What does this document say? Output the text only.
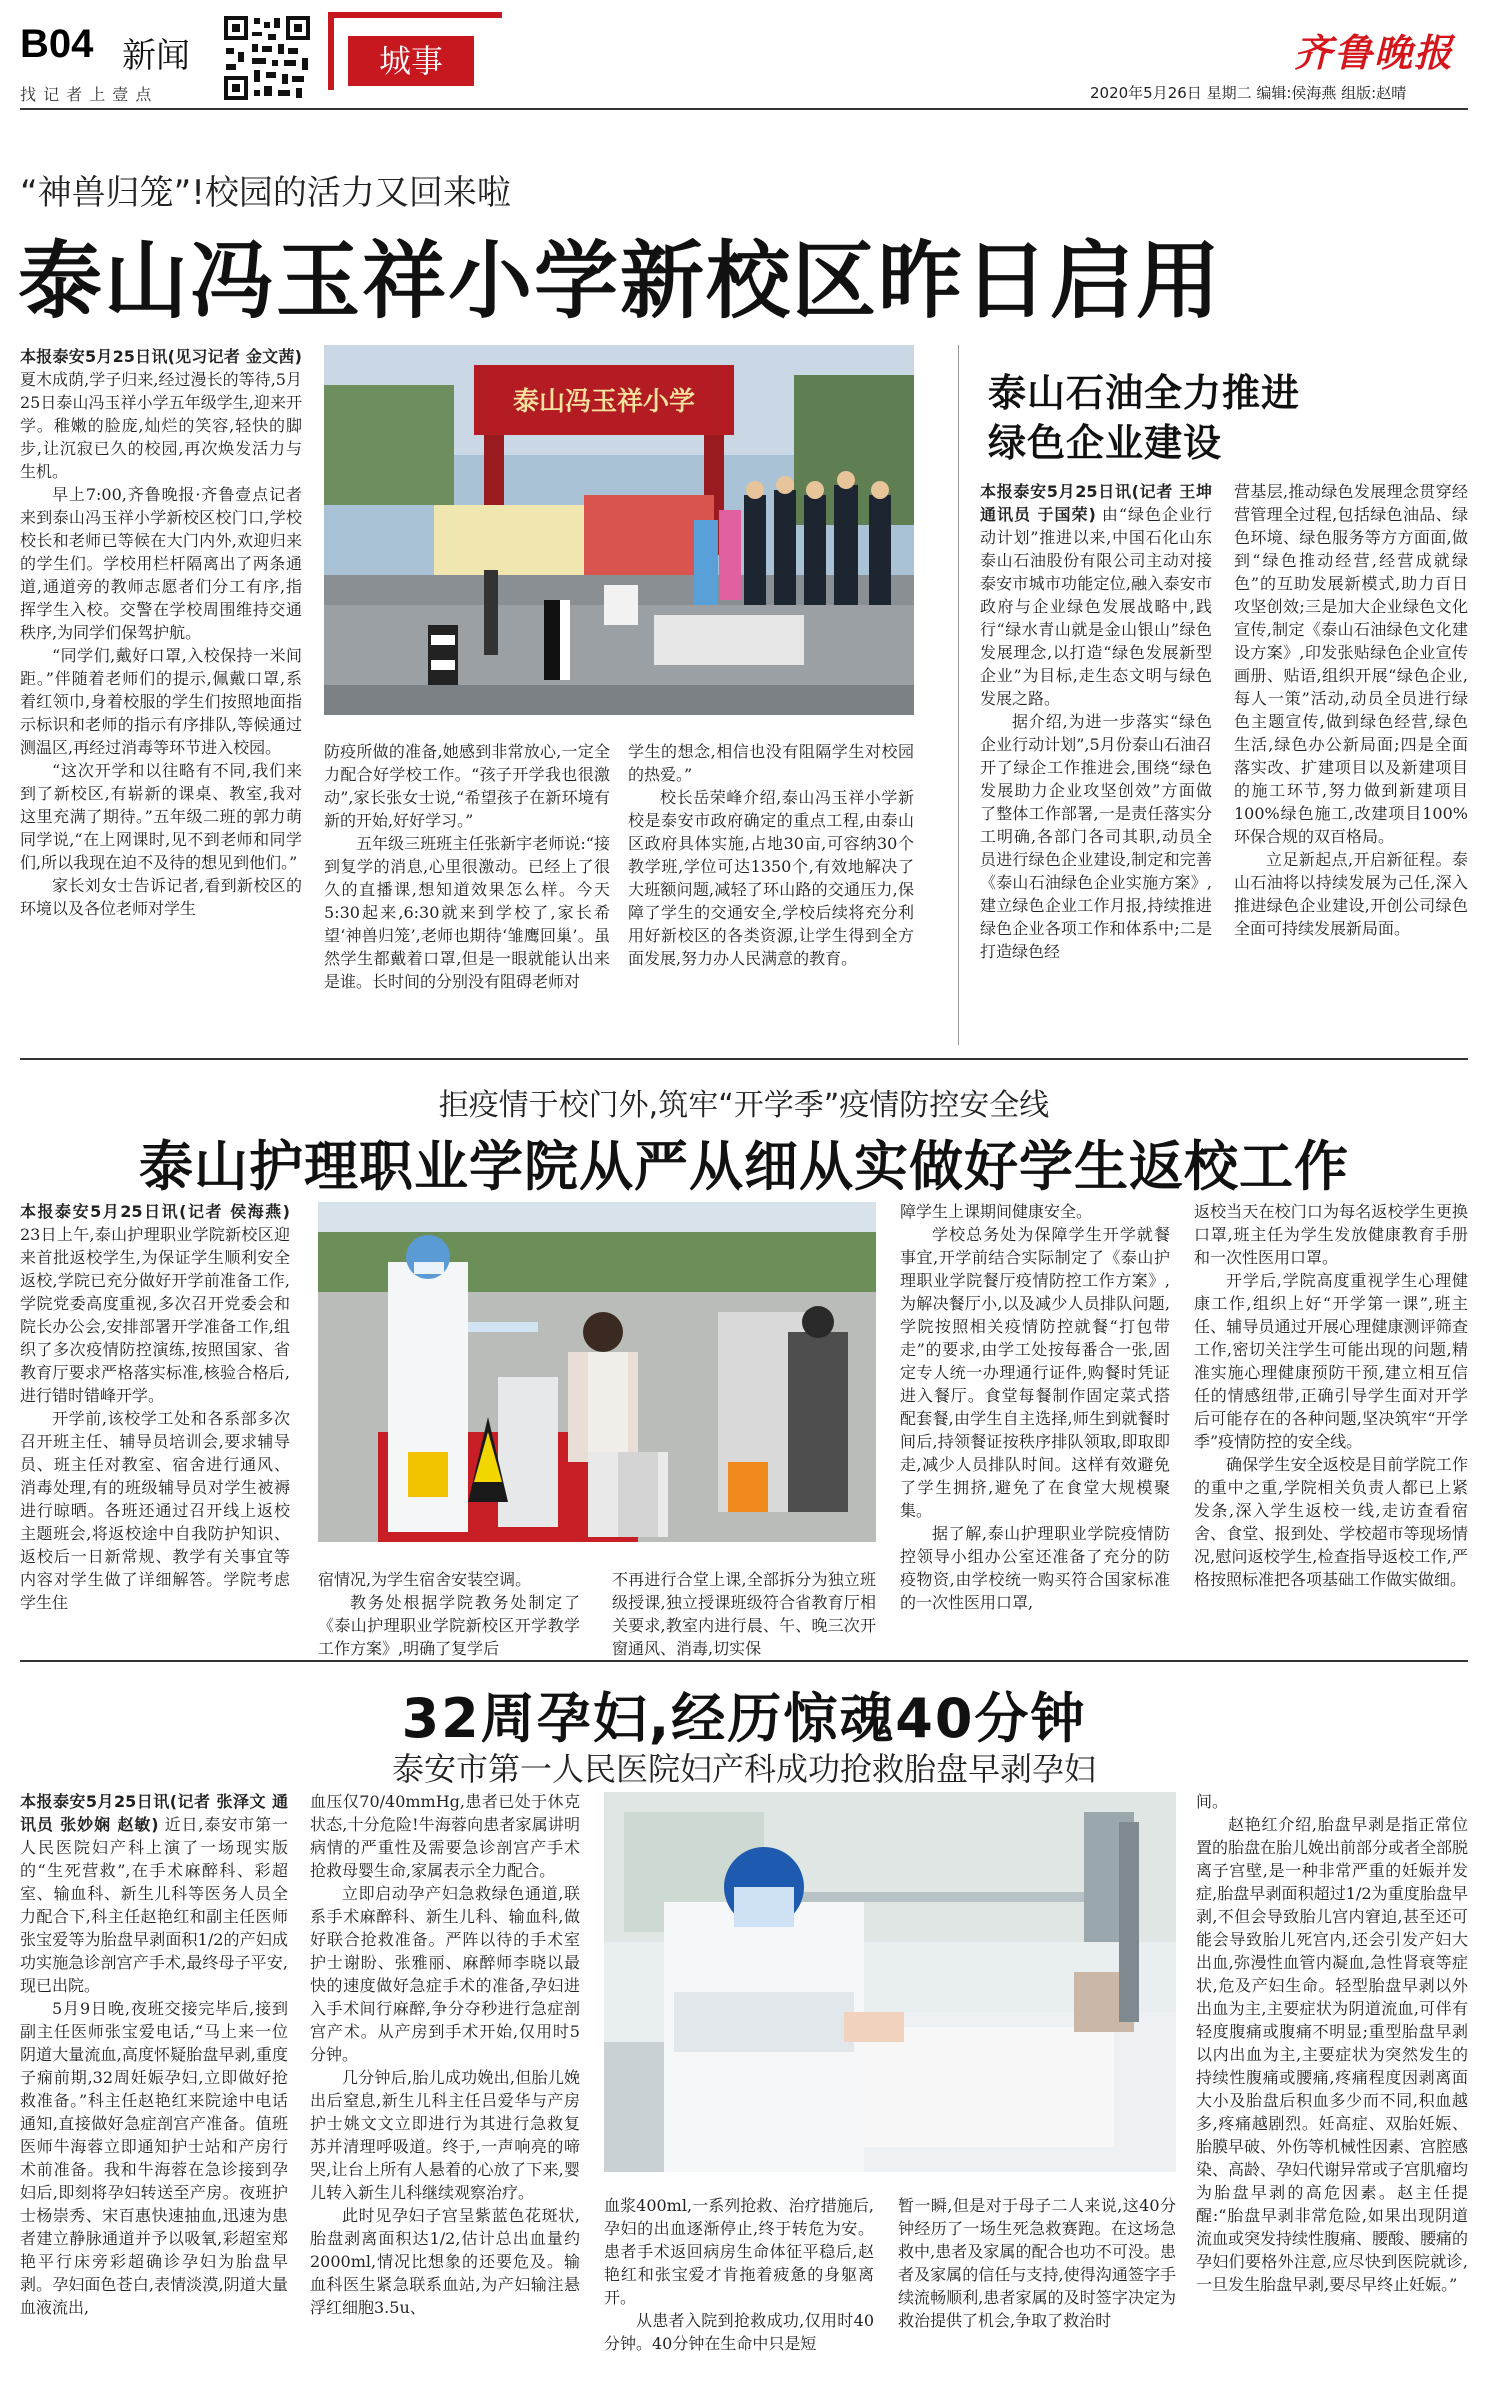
B04 新闻
找 记 者 上 壹 点
城事	齐鲁晚报
2020年5月26日 星期二 编辑:侯海燕 组版:赵晴
“神兽归笼”!校园的活力又回来啦
泰山冯玉祥小学新校区昨日启用

本报泰安5月25日讯(见习记者 金文茜) 夏木成荫,学子归来,经过漫长的等待,5月25日泰山冯玉祥小学五年级学生,迎来开学。稚嫩的脸庞,灿烂的笑容,轻快的脚步,让沉寂已久的校园,再次焕发活力与生机。

早上7:00,齐鲁晚报·齐鲁壹点记者来到泰山冯玉祥小学新校区校门口,学校校长和老师已等候在大门内外,欢迎归来的学生们。学校用栏杆隔离出了两条通道,通道旁的教师志愿者们分工有序,指挥学生入校。交警在学校周围维持交通秩序,为同学们保驾护航。

“同学们,戴好口罩,入校保持一米间距。”伴随着老师们的提示,佩戴口罩,系着红领巾,身着校服的学生们按照地面指示标识和老师的指示有序排队,等候通过测温区,再经过消毒等环节进入校园。

“这次开学和以往略有不同,我们来到了新校区,有崭新的课桌、教室,我对这里充满了期待。”五年级二班的郭力萌同学说,“在上网课时,见不到老师和同学们,所以我现在迫不及待的想见到他们。”

家长刘女士告诉记者,看到新校区的环境以及各位老师对学生

泰山冯玉祥小学

防疫所做的准备,她感到非常放心,一定全力配合好学校工作。“孩子开学我也很激动”,家长张女士说,“希望孩子在新环境有新的开始,好好学习。”

五年级三班班主任张新宇老师说:“接到复学的消息,心里很激动。已经上了很久的直播课,想知道效果怎么样。今天5:30起来,6:30就来到学校了,家长希望‘神兽归笼’,老师也期待‘雏鹰回巢’。虽然学生都戴着口罩,但是一眼就能认出来是谁。长时间的分别没有阻碍老师对

学生的想念,相信也没有阻隔学生对校园的热爱。”

校长岳荣峰介绍,泰山冯玉祥小学新校是泰安市政府确定的重点工程,由泰山区政府具体实施,占地30亩,可容纳30个教学班,学位可达1350个,有效地解决了大班额问题,减轻了环山路的交通压力,保障了学生的交通安全,学校后续将充分利用好新校区的各类资源,让学生得到全方面发展,努力办人民满意的教育。

泰山石油全力推进绿色企业建设

本报泰安5月25日讯(记者 王坤 通讯员 于国荣) 由“绿色企业行动计划”推进以来,中国石化山东泰山石油股份有限公司主动对接泰安市城市功能定位,融入泰安市政府与企业绿色发展战略中,践行“绿水青山就是金山银山”绿色发展理念,以打造“绿色发展新型企业”为目标,走生态文明与绿色发展之路。

据介绍,为进一步落实“绿色企业行动计划”,5月份泰山石油召开了绿企工作推进会,围绕“绿色发展助力企业攻坚创效”方面做了整体工作部署,一是责任落实分工明确,各部门各司其职,动员全员进行绿色企业建设,制定和完善《泰山石油绿色企业实施方案》,建立绿色企业工作月报,持续推进绿色企业各项工作和体系中;二是打造绿色经

营基层,推动绿色发展理念贯穿经营管理全过程,包括绿色油品、绿色环境、绿色服务等方方面面,做到“绿色推动经营,经营成就绿色”的互助发展新模式,助力百日攻坚创效;三是加大企业绿色文化宣传,制定《泰山石油绿色文化建设方案》,印发张贴绿色企业宣传画册、贴语,组织开展“绿色企业,每人一策”活动,动员全员进行绿色主题宣传,做到绿色经营,绿色生活,绿色办公新局面;四是全面落实改、扩建项目以及新建项目的施工环节,努力做到新建项目100%绿色施工,改建项目100%环保合规的双百格局。

立足新起点,开启新征程。泰山石油将以持续发展为己任,深入推进绿色企业建设,开创公司绿色全面可持续发展新局面。

拒疫情于校门外,筑牢“开学季”疫情防控安全线
泰山护理职业学院从严从细从实做好学生返校工作

本报泰安5月25日讯(记者 侯海燕) 23日上午,泰山护理职业学院新校区迎来首批返校学生,为保证学生顺利安全返校,学院已充分做好开学前准备工作,学院党委高度重视,多次召开党委会和院长办公会,安排部署开学准备工作,组织了多次疫情防控演练,按照国家、省教育厅要求严格落实标准,核验合格后,进行错时错峰开学。

开学前,该校学工处和各系部多次召开班主任、辅导员培训会,要求辅导员、班主任对教室、宿舍进行通风、消毒处理,有的班级辅导员对学生被褥进行晾晒。各班还通过召开线上返校主题班会,将返校途中自我防护知识、返校后一日新常规、教学有关事宜等内容对学生做了详细解答。学院考虑学生住

宿情况,为学生宿舍安装空调。

教务处根据学院教务处制定了《泰山护理职业学院新校区开学教学工作方案》,明确了复学后

不再进行合堂上课,全部拆分为独立班级授课,独立授课班级符合省教育厅相关要求,教室内进行晨、午、晚三次开窗通风、消毒,切实保

障学生上课期间健康安全。

学校总务处为保障学生开学就餐事宜,开学前结合实际制定了《泰山护理职业学院餐厅疫情防控工作方案》,为解决餐厅小,以及减少人员排队问题,学院按照相关疫情防控就餐“打包带走”的要求,由学工处按每番合一张,固定专人统一办理通行证件,购餐时凭证进入餐厅。食堂每餐制作固定菜式搭配套餐,由学生自主选择,师生到就餐时间后,持领餐证按秩序排队领取,即取即走,减少人员排队时间。这样有效避免了学生拥挤,避免了在食堂大规模聚集。

据了解,泰山护理职业学院疫情防控领导小组办公室还准备了充分的防疫物资,由学校统一购买符合国家标准的一次性医用口罩,

返校当天在校门口为每名返校学生更换口罩,班主任为学生发放健康教育手册和一次性医用口罩。

开学后,学院高度重视学生心理健康工作,组织上好“开学第一课”,班主任、辅导员通过开展心理健康测评筛查工作,密切关注学生可能出现的问题,精准实施心理健康预防干预,建立相互信任的情感纽带,正确引导学生面对开学后可能存在的各种问题,坚决筑牢“开学季”疫情防控的安全线。

确保学生安全返校是目前学院工作的重中之重,学院相关负责人都已上紧发条,深入学生返校一线,走访查看宿舍、食堂、报到处、学校超市等现场情况,慰问返校学生,检查指导返校工作,严格按照标准把各项基础工作做实做细。

32周孕妇,经历惊魂40分钟
泰安市第一人民医院妇产科成功抢救胎盘早剥孕妇

本报泰安5月25日讯(记者 张泽文 通讯员 张妙娴 赵敏) 近日,泰安市第一人民医院妇产科上演了一场现实版的“生死营救”,在手术麻醉科、彩超室、输血科、新生儿科等医务人员全力配合下,科主任赵艳红和副主任医师张宝爱等为胎盘早剥面积1/2的产妇成功实施急诊剖宫产手术,最终母子平安,现已出院。

5月9日晚,夜班交接完毕后,接到副主任医师张宝爱电话,“马上来一位阴道大量流血,高度怀疑胎盘早剥,重度子痫前期,32周妊娠孕妇,立即做好抢救准备。”科主任赵艳红来院途中电话通知,直接做好急症剖宫产准备。值班医师牛海蓉立即通知护士站和产房行术前准备。我和牛海蓉在急诊接到孕妇后,即刻将孕妇转送至产房。夜班护士杨崇秀、宋百惠快速抽血,迅速为患者建立静脉通道并予以吸氧,彩超室郑艳平行床旁彩超确诊孕妇为胎盘早剥。孕妇面色苍白,表情淡漠,阴道大量血液流出,

血压仅70/40mmHg,患者已处于休克状态,十分危险!牛海蓉向患者家属讲明病情的严重性及需要急诊剖宫产手术抢救母婴生命,家属表示全力配合。

立即启动孕产妇急救绿色通道,联系手术麻醉科、新生儿科、输血科,做好联合抢救准备。严阵以待的手术室护士谢盼、张雅丽、麻醉师李晓以最快的速度做好急症手术的准备,孕妇进入手术间行麻醉,争分夺秒进行急症剖宫产术。从产房到手术开始,仅用时5分钟。

几分钟后,胎儿成功娩出,但胎儿娩出后窒息,新生儿科主任吕爱华与产房护士姚文文立即进行为其进行急救复苏并清理呼吸道。终于,一声响亮的啼哭,让台上所有人悬着的心放了下来,婴儿转入新生儿科继续观察治疗。

此时见孕妇子宫呈紫蓝色花斑状,胎盘剥离面积达1/2,估计总出血量约2000ml,情况比想象的还要危及。输血科医生紧急联系血站,为产妇输注悬浮红细胞3.5u、

血浆400ml,一系列抢救、治疗措施后,孕妇的出血逐渐停止,终于转危为安。患者手术返回病房生命体征平稳后,赵艳红和张宝爱才肯拖着疲惫的身躯离开。

从患者入院到抢救成功,仅用时40分钟。40分钟在生命中只是短

暂一瞬,但是对于母子二人来说,这40分钟经历了一场生死急救赛跑。在这场急救中,患者及家属的配合也功不可没。患者及家属的信任与支持,使得沟通签字手续流畅顺利,患者家属的及时签字决定为救治提供了机会,争取了救治时

间。

赵艳红介绍,胎盘早剥是指正常位置的胎盘在胎儿娩出前部分或者全部脱离子宫壁,是一种非常严重的妊娠并发症,胎盘早剥面积超过1/2为重度胎盘早剥,不但会导致胎儿宫内窘迫,甚至还可能会导致胎儿死宫内,还会引发产妇大出血,弥漫性血管内凝血,急性肾衰等症状,危及产妇生命。轻型胎盘早剥以外出血为主,主要症状为阴道流血,可伴有轻度腹痛或腹痛不明显;重型胎盘早剥以内出血为主,主要症状为突然发生的持续性腹痛或腰痛,疼痛程度因剥离面大小及胎盘后积血多少而不同,积血越多,疼痛越剧烈。妊高症、双胎妊娠、胎膜早破、外伤等机械性因素、宫腔感染、高龄、孕妇代谢异常或子宫肌瘤均为胎盘早剥的高危因素。赵主任提醒:“胎盘早剥非常危险,如果出现阴道流血或突发持续性腹痛、腰酸、腰痛的孕妇们要格外注意,应尽快到医院就诊,一旦发生胎盘早剥,要尽早终止妊娠。”
